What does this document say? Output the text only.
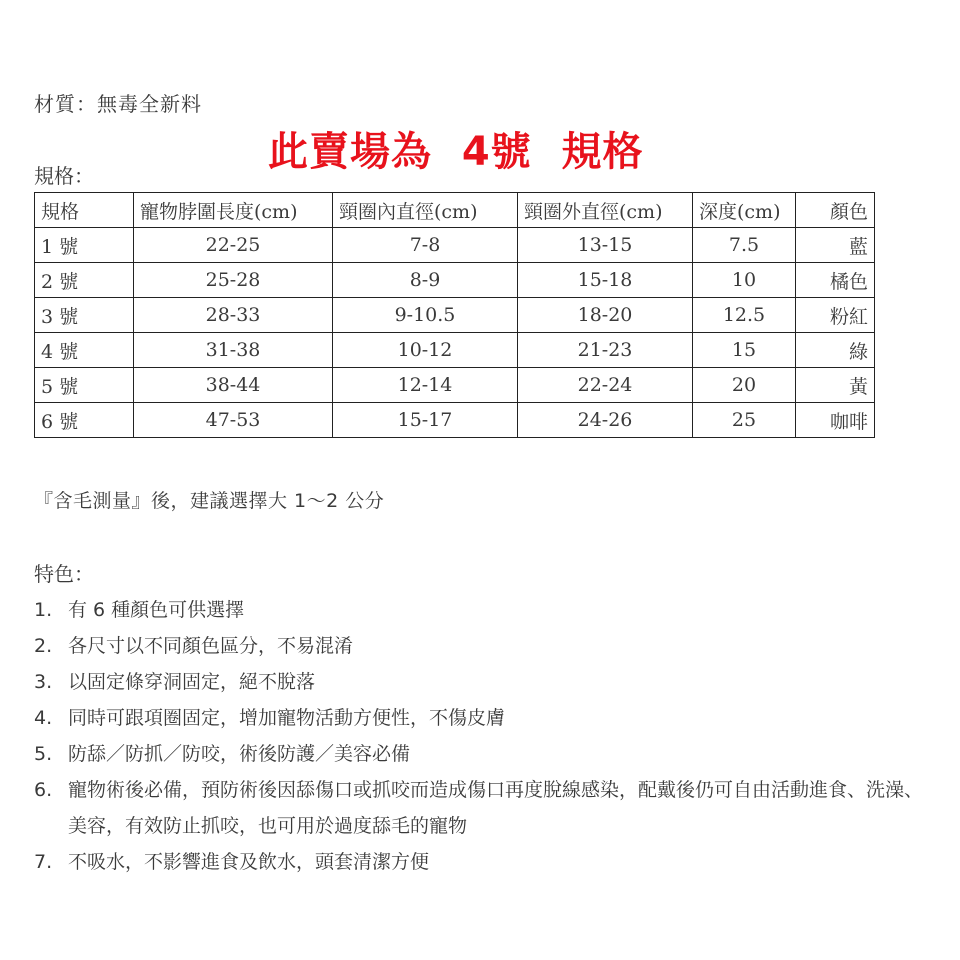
材質：無毒全新料
此賣場為  4號  規格
規格：
規格	寵物脖圍長度(cm)	頸圈內直徑(cm)	頸圈外直徑(cm)	深度(cm)	顏色
1 號	22-25	7-8	13-15	7.5	藍
2 號	25-28	8-9	15-18	10	橘色
3 號	28-33	9-10.5	18-20	12.5	粉紅
4 號	31-38	10-12	21-23	15	綠
5 號	38-44	12-14	22-24	20	黃
6 號	47-53	15-17	24-26	25	咖啡
『含毛測量』後，建議選擇大 1～2 公分
特色：
1. 有 6 種顏色可供選擇
2. 各尺寸以不同顏色區分，不易混淆
3. 以固定條穿洞固定，絕不脫落
4. 同時可跟項圈固定，增加寵物活動方便性，不傷皮膚
5. 防舔／防抓／防咬，術後防護／美容必備
6. 寵物術後必備，預防術後因舔傷口或抓咬而造成傷口再度脫線感染，配戴後仍可自由活動進食、洗澡、美容，有效防止抓咬，也可用於過度舔毛的寵物
7. 不吸水，不影響進食及飲水，頭套清潔方便
